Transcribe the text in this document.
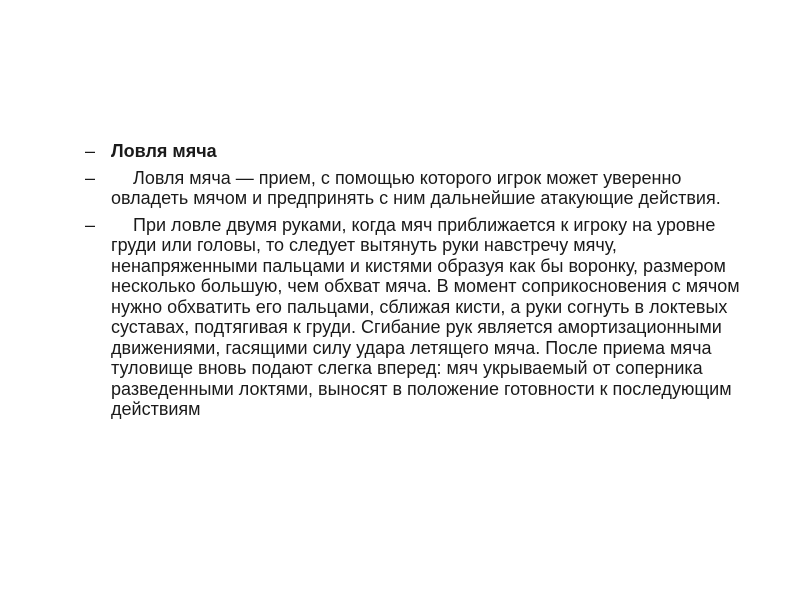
– Ловля мяча
–	Ловля мяча — прием, с помощью которого игрок может уверенно овладеть мячом и предпринять с ним дальнейшие атакующие действия.
–	При ловле двумя руками, когда мяч приближается к игроку на уровне груди или головы, то следует вытянуть руки навстречу мячу, ненапряженными пальцами и кистями образуя как бы воронку, размером несколько большую, чем обхват мяча. В момент соприкосновения с мячом нужно обхватить его пальцами, сближая кисти, а руки согнуть в локтевых суставах, подтягивая к груди. Сгибание рук является амортизационными движениями, гасящими силу удара летящего мяча. После приема мяча туловище вновь подают слегка вперед: мяч укрываемый от соперника разведенными локтями, выносят в положение готовности к последующим действиям
